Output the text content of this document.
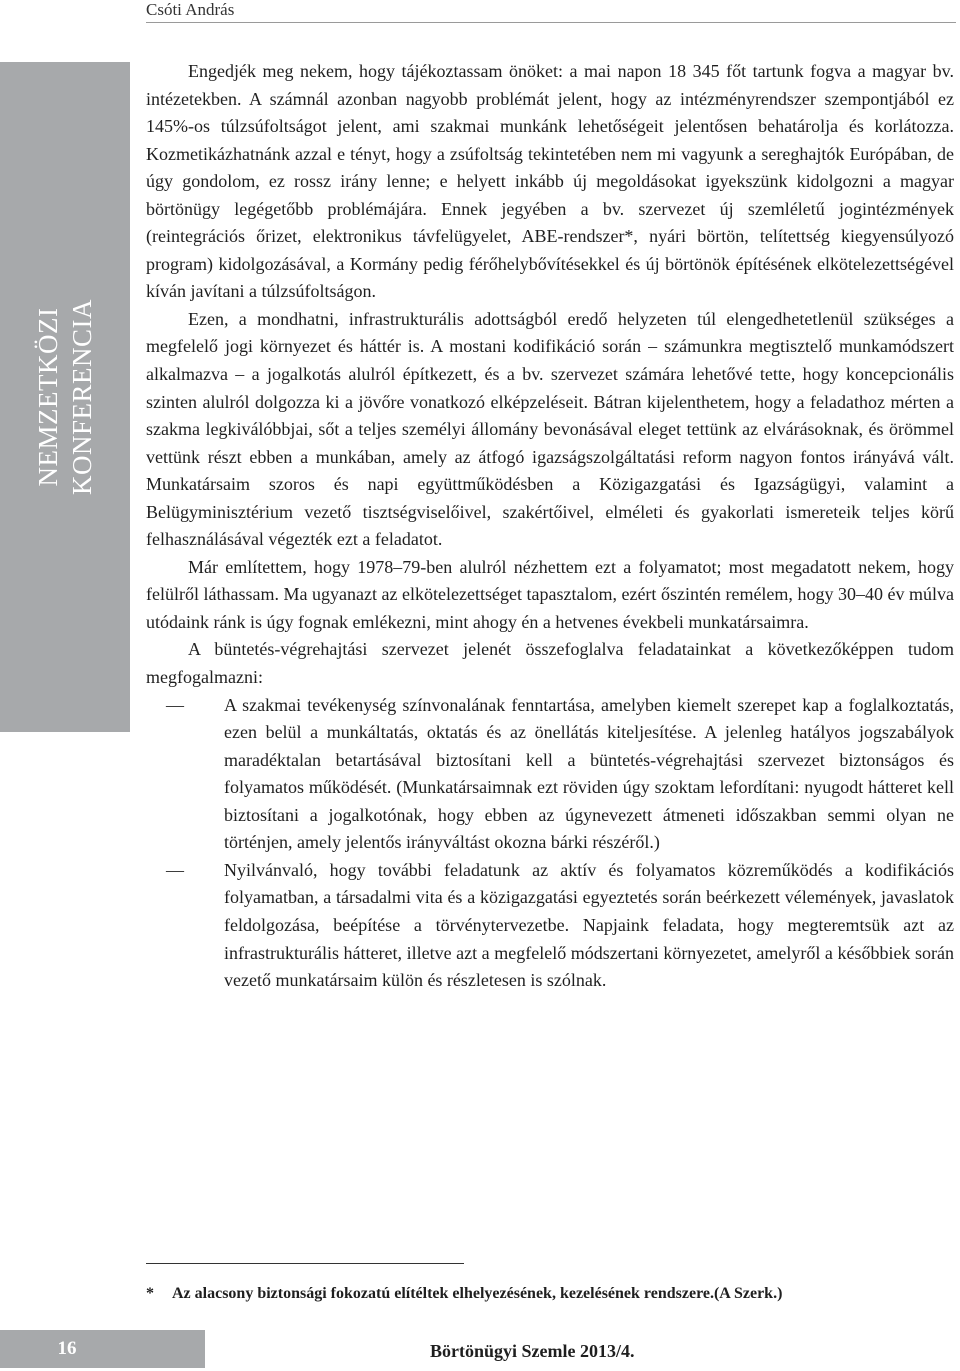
Csóti András
NEMZETKÖZI KONFERENCIA

Engedjék meg nekem, hogy tájékoztassam önöket: a mai napon 18 345 főt tartunk fogva a magyar bv. intézetekben. A számnál azonban nagyobb problémát jelent, hogy az intézményrendszer szempontjából ez 145%-os túlzsúfoltságot jelent, ami szakmai munkánk lehetőségeit jelentősen behatárolja és korlátozza. Kozmetikázhatnánk azzal e tényt, hogy a zsúfoltság tekintetében nem mi vagyunk a sereghajtók Európában, de úgy gondolom, ez rossz irány lenne; e helyett inkább új megoldásokat igyekszünk kidolgozni a magyar börtönügy legégetőbb problémájára. Ennek jegyében a bv. szervezet új szemléletű jogintézmények (reintegrációs őrizet, elektronikus távfelügyelet, ABE-rendszer*, nyári börtön, telítettség kiegyensúlyozó program) kidolgozásával, a Kormány pedig férőhelybővítésekkel és új börtönök építésének elkötelezettségével kíván javítani a túlzsúfoltságon.

Ezen, a mondhatni, infrastrukturális adottságból eredő helyzeten túl elengedhetetlenül szükséges a megfelelő jogi környezet és háttér is. A mostani kodifikáció során – számunkra megtisztelő munkamódszert alkalmazva – a jogalkotás alulról építkezett, és a bv. szervezet számára lehetővé tette, hogy koncepcionális szinten alulról dolgozza ki a jövőre vonatkozó elképzeléseit. Bátran kijelenthetem, hogy a feladathoz mérten a szakma legkiválóbbjai, sőt a teljes személyi állomány bevonásával eleget tettünk az elvárásoknak, és örömmel vettünk részt ebben a munkában, amely az átfogó igazságszolgáltatási reform nagyon fontos irányává vált. Munkatársaim szoros és napi együttműködésben a Közigazgatási és Igazságügyi, valamint a Belügyminisztérium vezető tisztségviselőivel, szakértőivel, elméleti és gyakorlati ismereteik teljes körű felhasználásával végezték ezt a feladatot.

Már említettem, hogy 1978–79-ben alulról nézhettem ezt a folyamatot; most megadatott nekem, hogy felülről láthassam. Ma ugyanazt az elkötelezettséget tapasztalom, ezért őszintén remélem, hogy 30–40 év múlva utódaink ránk is úgy fognak emlékezni, mint ahogy én a hetvenes évekbeli munkatársaimra.

A büntetés-végrehajtási szervezet jelenét összefoglalva feladatainkat a következőképpen tudom megfogalmazni:

— A szakmai tevékenység színvonalának fenntartása, amelyben kiemelt szerepet kap a foglalkoztatás, ezen belül a munkáltatás, oktatás és az önellátás kiteljesítése. A jelenleg hatályos jogszabályok maradéktalan betartásával biztosítani kell a büntetés-végrehajtási szervezet biztonságos és folyamatos működését. (Munkatársaimnak ezt röviden úgy szoktam lefordítani: nyugodt hátteret kell biztosítani a jogalkotónak, hogy ebben az úgynevezett átmeneti időszakban semmi olyan ne történjen, amely jelentős irányváltást okozna bárki részéről.)
— Nyilvánvaló, hogy további feladatunk az aktív és folyamatos közreműködés a kodifikációs folyamatban, a társadalmi vita és a közigazgatási egyeztetés során beérkezett vélemények, javaslatok feldolgozása, beépítése a törvénytervezetbe. Napjaink feladata, hogy megteremtsük azt az infrastrukturális hátteret, illetve azt a megfelelő módszertani környezetet, amelyről a későbbiek során vezető munkatársaim külön és részletesen is szólnak.
* Az alacsony biztonsági fokozatú elítéltek elhelyezésének, kezelésének rendszere.(A Szerk.)
16	Börtönügyi Szemle 2013/4.
